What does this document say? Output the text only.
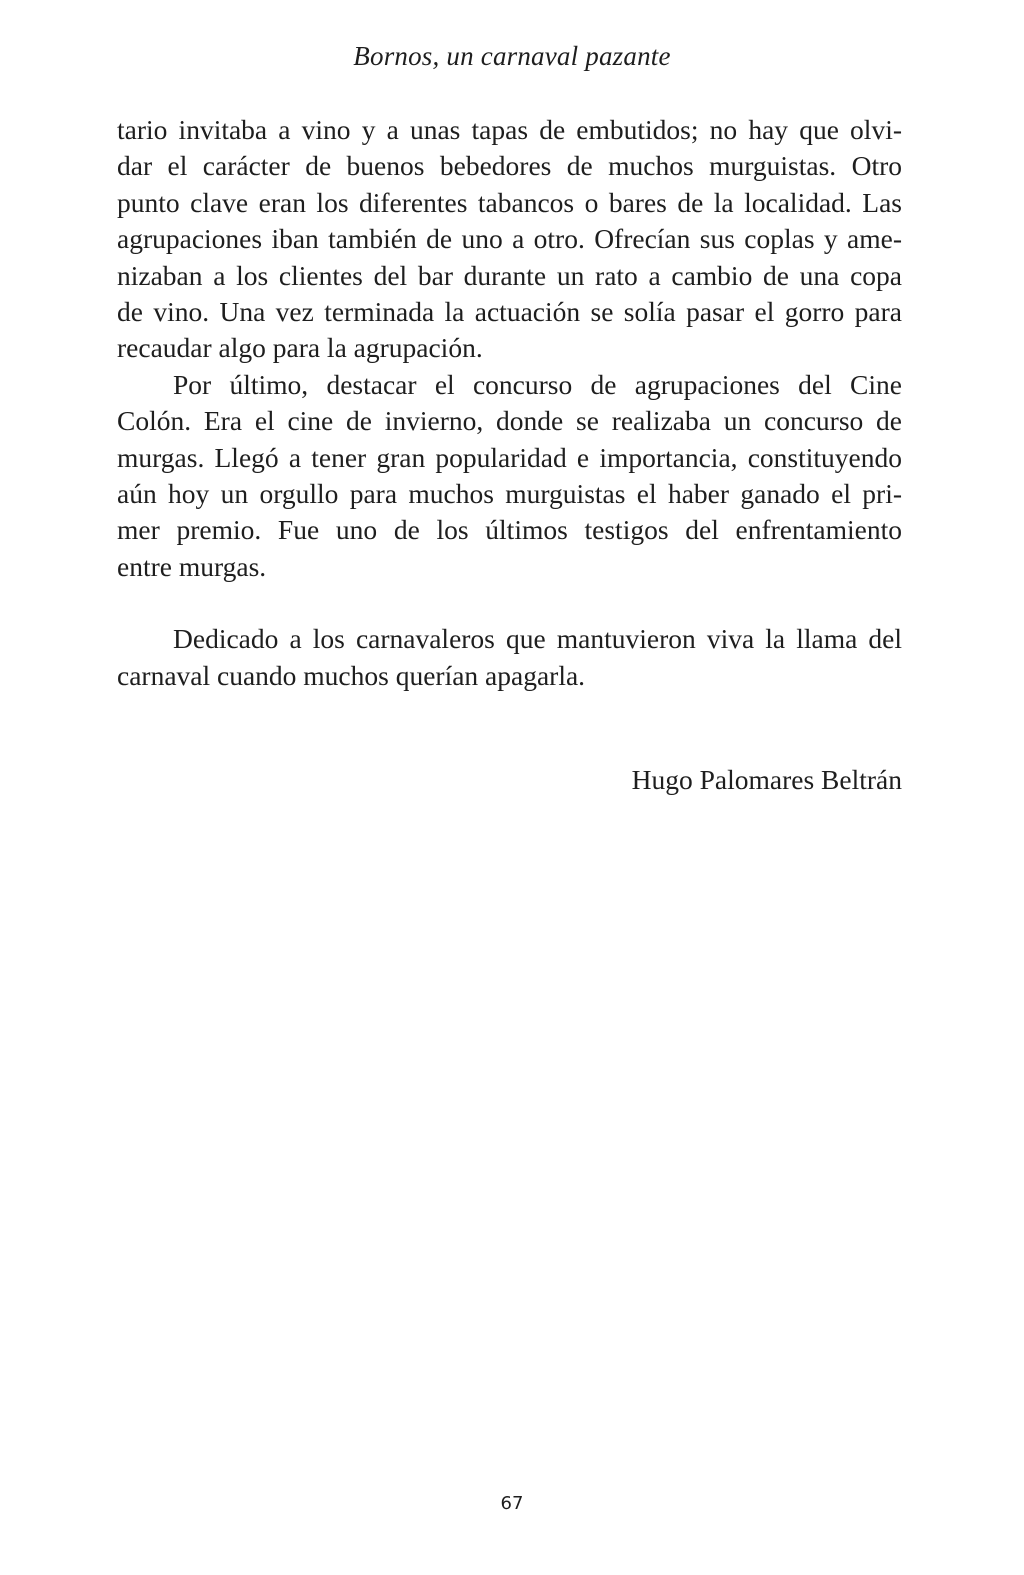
Bornos, un carnaval pazante
tario invitaba a vino y a unas tapas de embutidos; no hay que olvi-
dar el carácter de buenos bebedores de muchos murguistas. Otro
punto clave eran los diferentes tabancos o bares de la localidad. Las
agrupaciones iban también de uno a otro. Ofrecían sus coplas y ame-
nizaban a los clientes del bar durante un rato a cambio de una copa
de vino. Una vez terminada la actuación se solía pasar el gorro para
recaudar algo para la agrupación.
Por último, destacar el concurso de agrupaciones del Cine
Colón. Era el cine de invierno, donde se realizaba un concurso de
murgas. Llegó a tener gran popularidad e importancia, constituyendo
aún hoy un orgullo para muchos murguistas el haber ganado el pri-
mer premio. Fue uno de los últimos testigos del enfrentamiento
entre murgas.
Dedicado a los carnavaleros que mantuvieron viva la llama del
carnaval cuando muchos querían apagarla.
Hugo Palomares Beltrán
67
